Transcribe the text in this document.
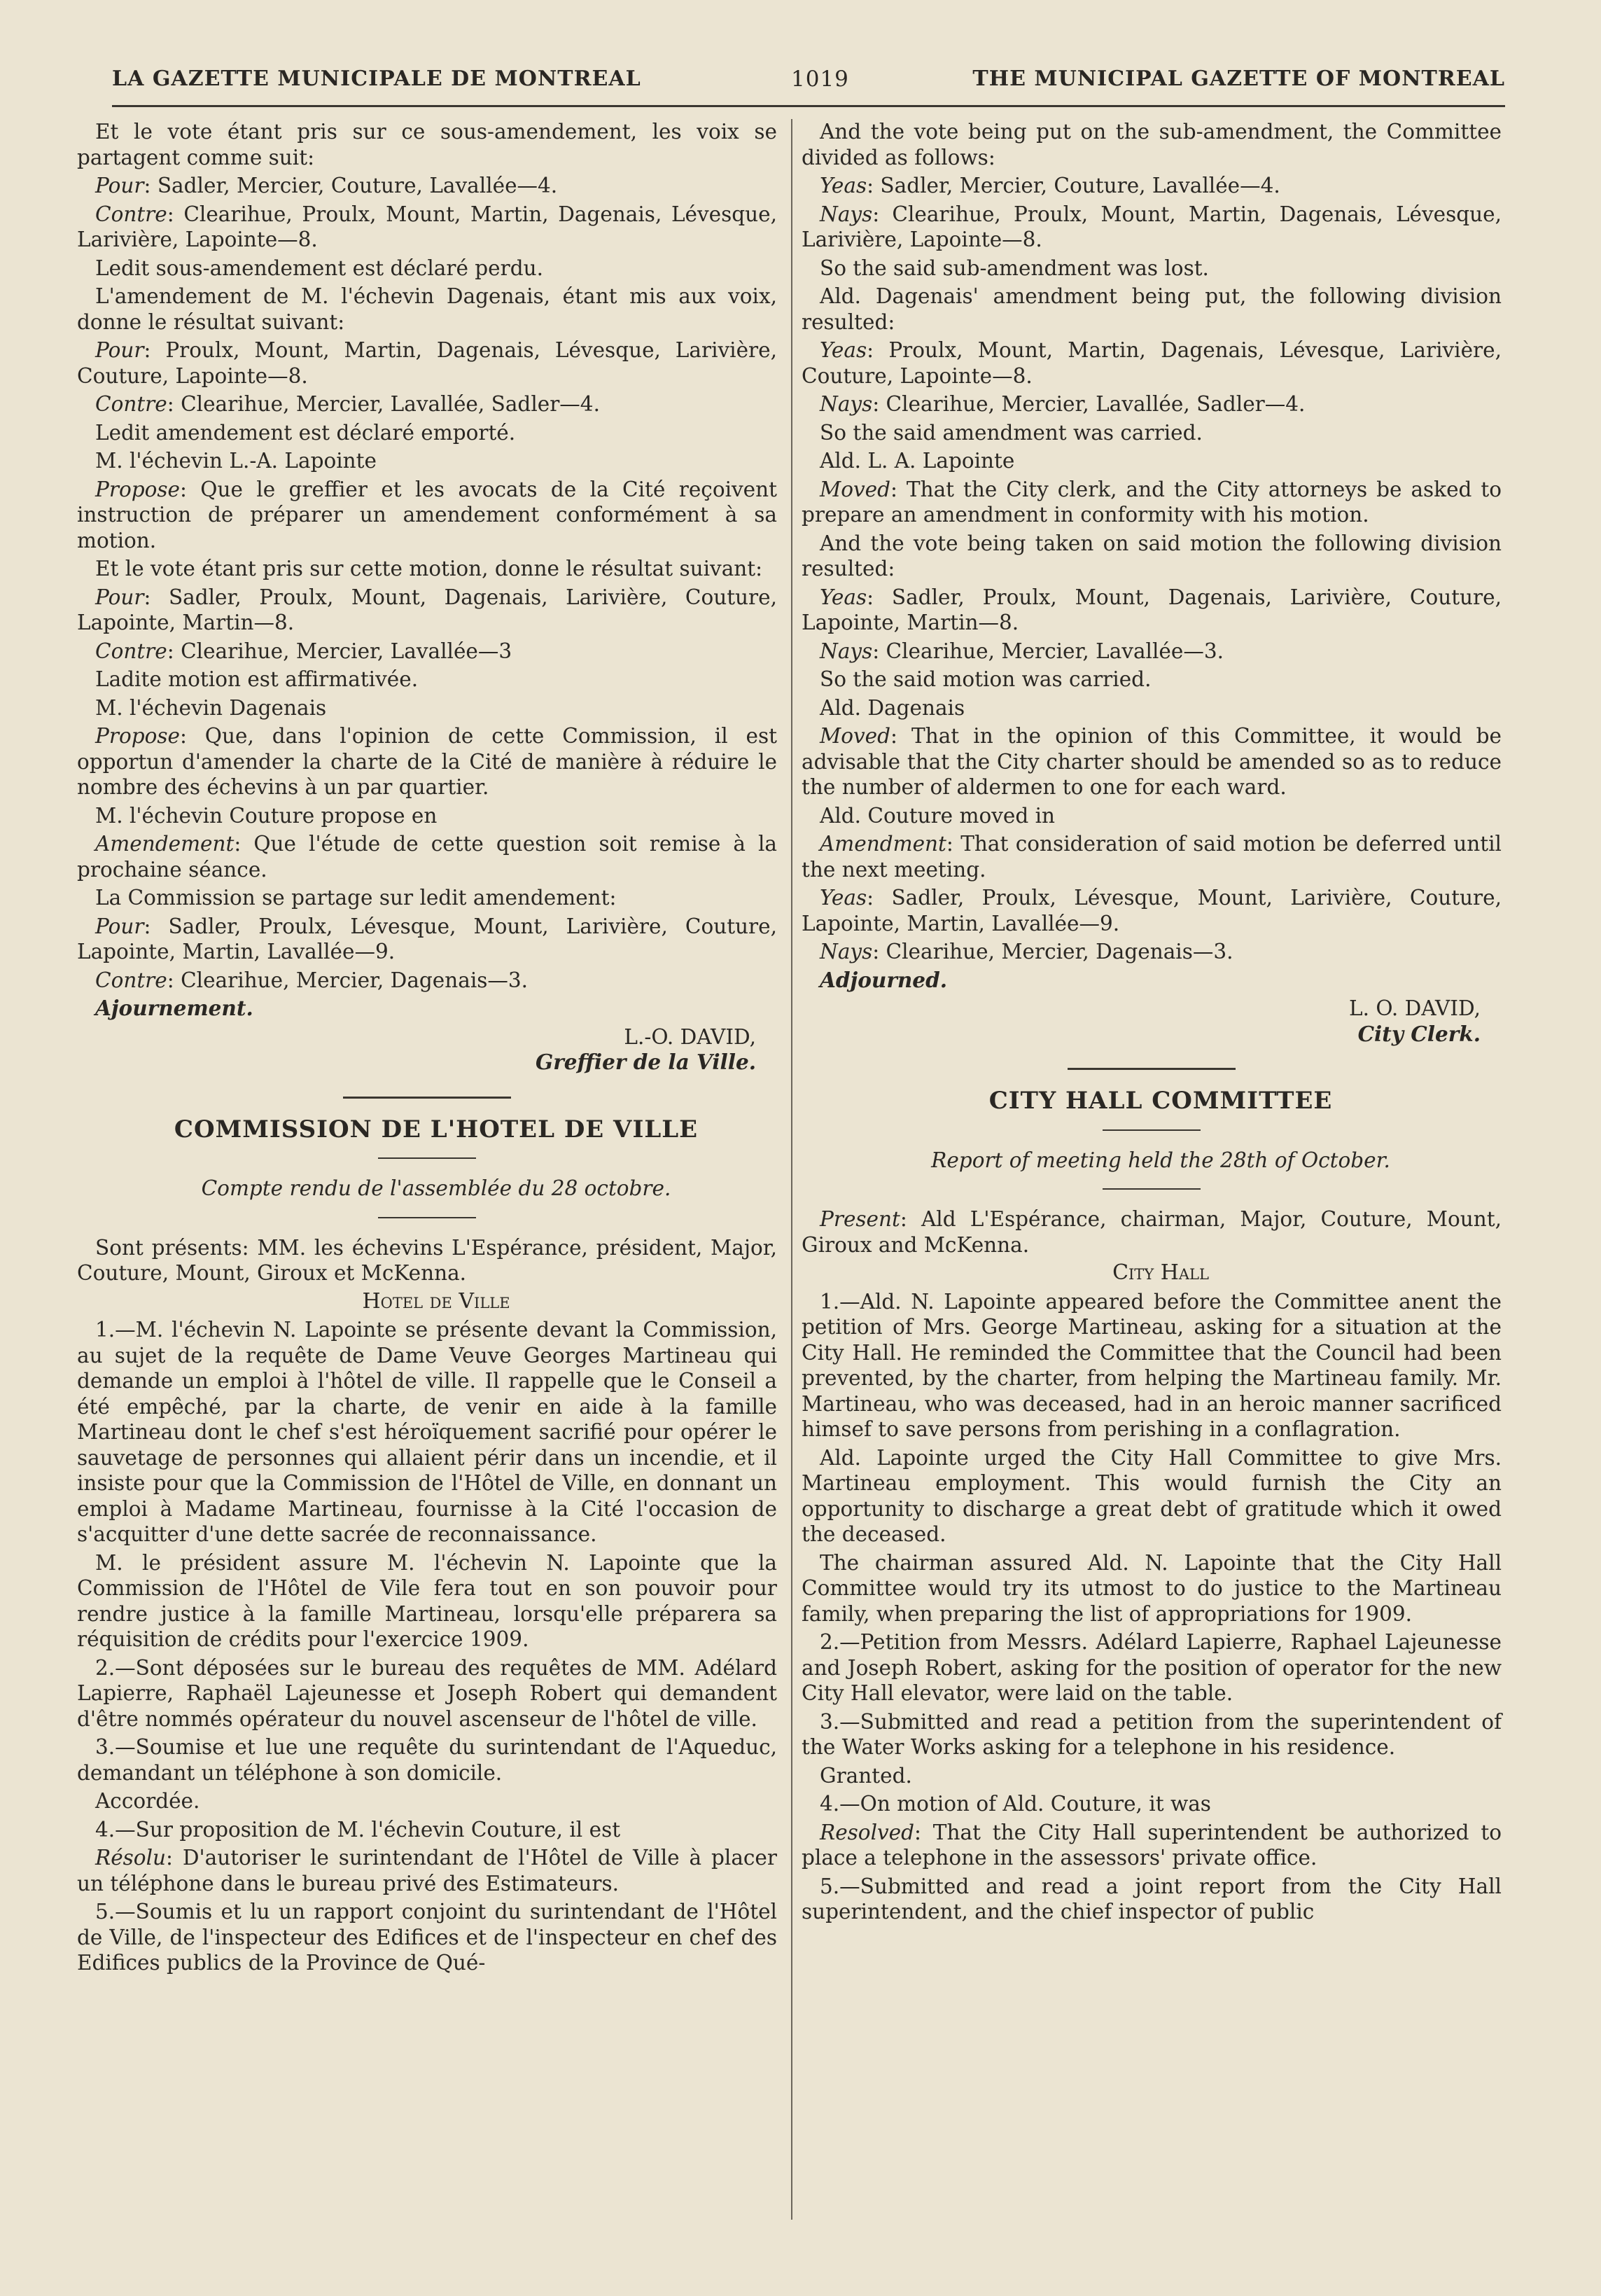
LA GAZETTE MUNICIPALE DE MONTREAL	1019	THE MUNICIPAL GAZETTE OF MONTREAL

Et le vote étant pris sur ce sous-amendement, les voix se partagent comme suit:

Pour: Sadler, Mercier, Couture, Lavallée—4.

Contre: Clearihue, Proulx, Mount, Martin, Dagenais, Lévesque, Larivière, Lapointe—8.

Ledit sous-amendement est déclaré perdu.

L'amendement de M. l'échevin Dagenais, étant mis aux voix, donne le résultat suivant:

Pour: Proulx, Mount, Martin, Dagenais, Lévesque, Larivière, Couture, Lapointe—8.

Contre: Clearihue, Mercier, Lavallée, Sadler—4.

Ledit amendement est déclaré emporté.

M. l'échevin L.-A. Lapointe

Propose: Que le greffier et les avocats de la Cité reçoivent instruction de préparer un amendement conformément à sa motion.

Et le vote étant pris sur cette motion, donne le résultat suivant:

Pour: Sadler, Proulx, Mount, Dagenais, Larivière, Couture, Lapointe, Martin—8.

Contre: Clearihue, Mercier, Lavallée—3

Ladite motion est affirmativée.

M. l'échevin Dagenais

Propose: Que, dans l'opinion de cette Commission, il est opportun d'amender la charte de la Cité de manière à réduire le nombre des échevins à un par quartier.

M. l'échevin Couture propose en

Amendement: Que l'étude de cette question soit remise à la prochaine séance.

La Commission se partage sur ledit amendement:

Pour: Sadler, Proulx, Lévesque, Mount, Larivière, Couture, Lapointe, Martin, Lavallée—9.

Contre: Clearihue, Mercier, Dagenais—3.

Ajournement.

L.-O. DAVID,
Greffier de la Ville.

COMMISSION DE L'HOTEL DE VILLE

Compte rendu de l'assemblée du 28 octobre.

Sont présents: MM. les échevins L'Espérance, président, Major, Couture, Mount, Giroux et McKenna.

Hotel de Ville

1.—M. l'échevin N. Lapointe se présente devant la Commission, au sujet de la requête de Dame Veuve Georges Martineau qui demande un emploi à l'hôtel de ville. Il rappelle que le Conseil a été empêché, par la charte, de venir en aide à la famille Martineau dont le chef s'est héroïquement sacrifié pour opérer le sauvetage de personnes qui allaient périr dans un incendie, et il insiste pour que la Commission de l'Hôtel de Ville, en donnant un emploi à Madame Martineau, fournisse à la Cité l'occasion de s'acquitter d'une dette sacrée de reconnaissance.

M. le président assure M. l'échevin N. Lapointe que la Commission de l'Hôtel de Vile fera tout en son pouvoir pour rendre justice à la famille Martineau, lorsqu'elle préparera sa réquisition de crédits pour l'exercice 1909.

2.—Sont déposées sur le bureau des requêtes de MM. Adélard Lapierre, Raphaël Lajeunesse et Joseph Robert qui demandent d'être nommés opérateur du nouvel ascenseur de l'hôtel de ville.

3.—Soumise et lue une requête du surintendant de l'Aqueduc, demandant un téléphone à son domicile.

Accordée.

4.—Sur proposition de M. l'échevin Couture, il est

Résolu: D'autoriser le surintendant de l'Hôtel de Ville à placer un téléphone dans le bureau privé des Estimateurs.

5.—Soumis et lu un rapport conjoint du surintendant de l'Hôtel de Ville, de l'inspecteur des Edifices et de l'inspecteur en chef des Edifices publics de la Province de Qué-

And the vote being put on the sub-amendment, the Committee divided as follows:

Yeas: Sadler, Mercier, Couture, Lavallée—4.

Nays: Clearihue, Proulx, Mount, Martin, Dagenais, Lévesque, Larivière, Lapointe—8.

So the said sub-amendment was lost.

Ald. Dagenais' amendment being put, the following division resulted:

Yeas: Proulx, Mount, Martin, Dagenais, Lévesque, Larivière, Couture, Lapointe—8.

Nays: Clearihue, Mercier, Lavallée, Sadler—4.

So the said amendment was carried.

Ald. L. A. Lapointe

Moved: That the City clerk, and the City attorneys be asked to prepare an amendment in conformity with his motion.

And the vote being taken on said motion the following division resulted:

Yeas: Sadler, Proulx, Mount, Dagenais, Larivière, Couture, Lapointe, Martin—8.

Nays: Clearihue, Mercier, Lavallée—3.

So the said motion was carried.

Ald. Dagenais

Moved: That in the opinion of this Committee, it would be advisable that the City charter should be amended so as to reduce the number of aldermen to one for each ward.

Ald. Couture moved in

Amendment: That consideration of said motion be deferred until the next meeting.

Yeas: Sadler, Proulx, Lévesque, Mount, Larivière, Couture, Lapointe, Martin, Lavallée—9.

Nays: Clearihue, Mercier, Dagenais—3.

Adjourned.

L. O. DAVID,
City Clerk.

CITY HALL COMMITTEE

Report of meeting held the 28th of October.

Present: Ald L'Espérance, chairman, Major, Couture, Mount, Giroux and McKenna.

City Hall

1.—Ald. N. Lapointe appeared before the Committee anent the petition of Mrs. George Martineau, asking for a situation at the City Hall. He reminded the Committee that the Council had been prevented, by the charter, from helping the Martineau family. Mr. Martineau, who was deceased, had in an heroic manner sacrificed himsef to save persons from perishing in a conflagration.

Ald. Lapointe urged the City Hall Committee to give Mrs. Martineau employment. This would furnish the City an opportunity to discharge a great debt of gratitude which it owed the deceased.

The chairman assured Ald. N. Lapointe that the City Hall Committee would try its utmost to do justice to the Martineau family, when preparing the list of appropriations for 1909.

2.—Petition from Messrs. Adélard Lapierre, Raphael Lajeunesse and Joseph Robert, asking for the position of operator for the new City Hall elevator, were laid on the table.

3.—Submitted and read a petition from the superintendent of the Water Works asking for a telephone in his residence.

Granted.

4.—On motion of Ald. Couture, it was

Resolved: That the City Hall superintendent be authorized to place a telephone in the assessors' private office.

5.—Submitted and read a joint report from the City Hall superintendent, and the chief inspector of public
